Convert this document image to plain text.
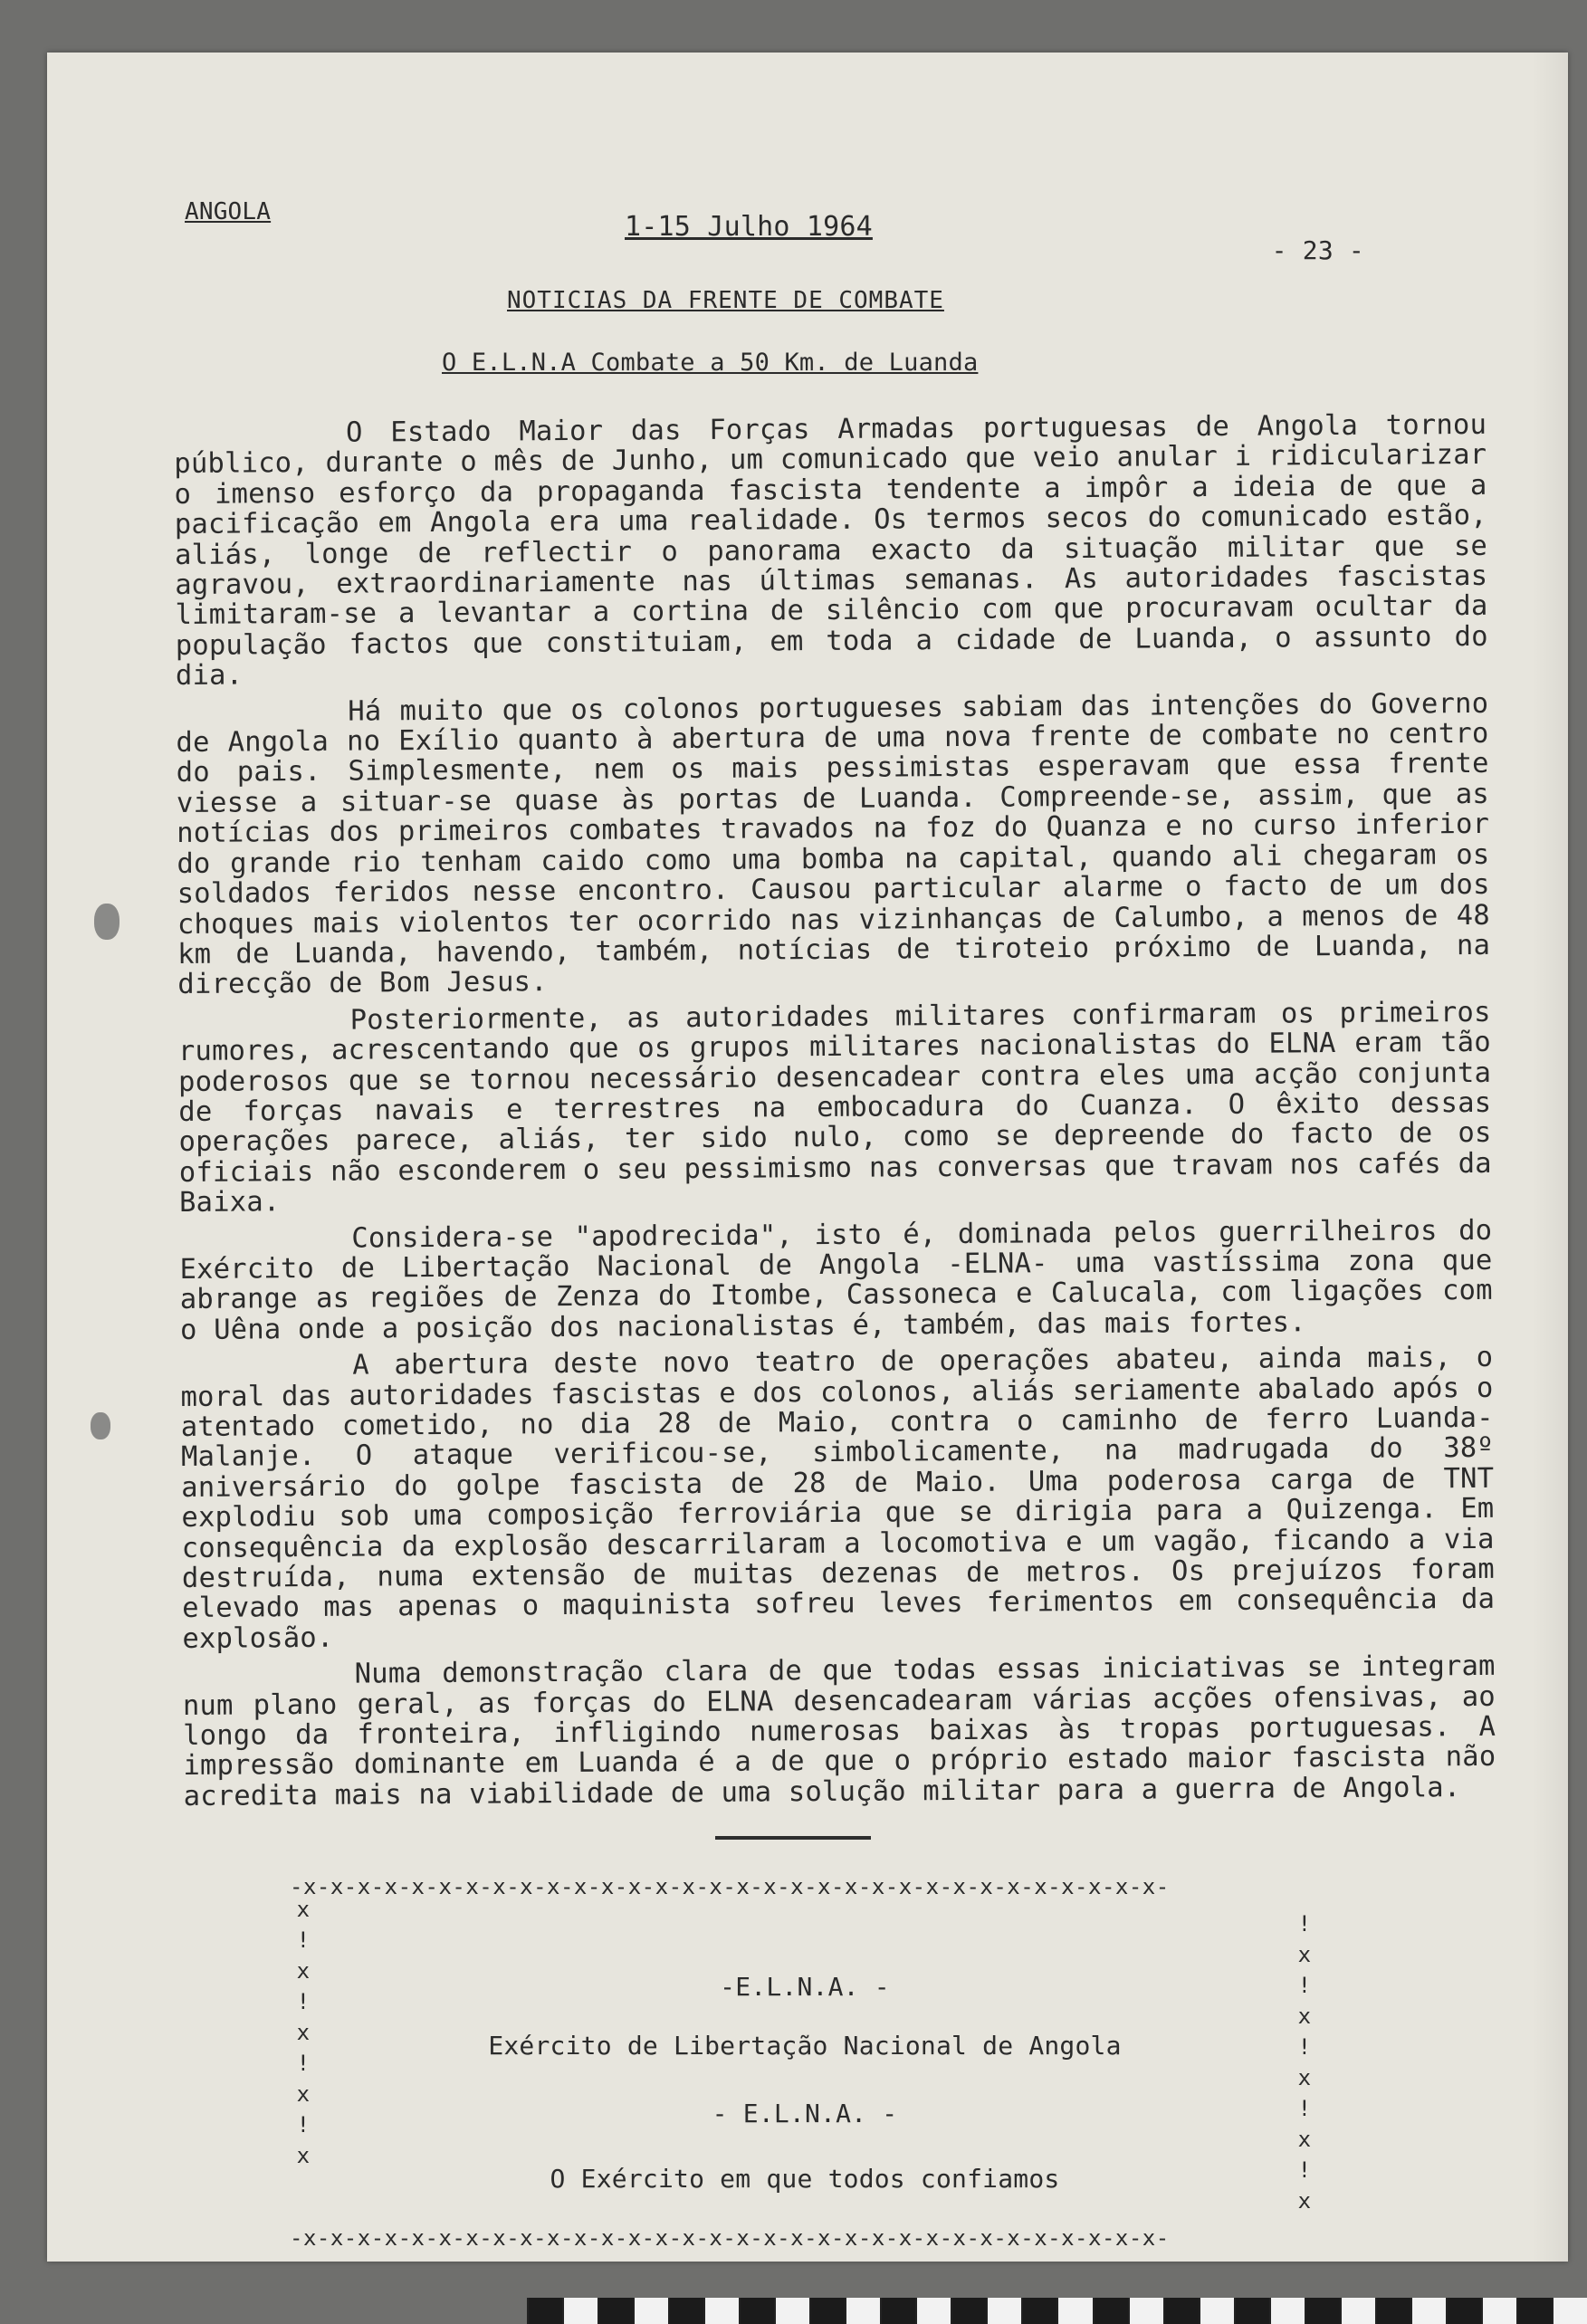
ANGOLA	1-15 Julho 1964
- 23 -
NOTICIAS DA FRENTE DE COMBATE
O E.L.N.A Combate a 50 Km. de Luanda

O Estado Maior das Forças Armadas portuguesas de Angola tornou público, durante o mês de Junho, um comunicado que veio anular i ridicularizar o imenso esforço da propaganda fascista tendente a impôr a ideia de que a pacificação em Angola era uma realidade. Os termos secos do comunicado estão, aliás, longe de reflectir o panorama exacto da situação militar que se agravou, extraordinariamente nas últimas semanas. As autoridades fascistas limitaram-se a levantar a cortina de silêncio com que procuravam ocultar da população factos que constituiam, em toda a cidade de Luanda, o assunto do dia.

Há muito que os colonos portugueses sabiam das intenções do Governo de Angola no Exílio quanto à abertura de uma nova frente de combate no centro do pais. Simplesmente, nem os mais pessimistas esperavam que essa frente viesse a situar-se quase às portas de Luanda. Compreende-se, assim, que as notícias dos primeiros combates travados na foz do Quanza e no curso inferior do grande rio tenham caido como uma bomba na capital, quando ali chegaram os soldados feridos nesse encontro. Causou particular alarme o facto de um dos choques mais violentos ter ocorrido nas vizinhanças de Calumbo, a menos de 48 km de Luanda, havendo, também, notícias de tiroteio próximo de Luanda, na direcção de Bom Jesus.

Posteriormente, as autoridades militares confirmaram os primeiros rumores, acrescentando que os grupos militares nacionalistas do ELNA eram tão poderosos que se tornou necessário desencadear contra eles uma acção conjunta de forças navais e terrestres na embocadura do Cuanza. O êxito dessas operações parece, aliás, ter sido nulo, como se depreende do facto de os oficiais não esconderem o seu pessimismo nas conversas que travam nos cafés da Baixa.

Considera-se "apodrecida", isto é, dominada pelos guerrilheiros do Exército de Libertação Nacional de Angola -ELNA- uma vastíssima zona que abrange as regiões de Zenza do Itombe, Cassoneca e Calucala, com ligações com o Uêna onde a posição dos nacionalistas é, também, das mais fortes.

A abertura deste novo teatro de operações abateu, ainda mais, o moral das autoridades fascistas e dos colonos, aliás seriamente abalado após o atentado cometido, no dia 28 de Maio, contra o caminho de ferro Luanda-Malanje. O ataque verificou-se, simbolicamente, na madrugada do 38º aniversário do golpe fascista de 28 de Maio. Uma poderosa carga de TNT explodiu sob uma composição ferroviária que se dirigia para a Quizenga. Em consequência da explosão descarrilaram a locomotiva e um vagão, ficando a via destruída, numa extensão de muitas dezenas de metros. Os prejuízos foram elevado mas apenas o maquinista sofreu leves ferimentos em consequência da explosão.

Numa demonstração clara de que todas essas iniciativas se integram num plano geral, as forças do ELNA desencadearam várias acções ofensivas, ao longo da fronteira, infligindo numerosas baixas às tropas portuguesas. A impressão dominante em Luanda é a de que o próprio estado maior fascista não acredita mais na viabilidade de uma solução militar para a guerra de Angola.

-x-x-x-x-x-x-x-x-x-x-x-x-x-x-x-x-x-x-x-x-x-x-x-x-x-x-x-x-x-x-x-x-
x ! x ! x ! x ! x
! x ! x ! x ! x ! x
-E.L.N.A. -
Exército de Libertação Nacional de Angola
- E.L.N.A. -
O Exército em que todos confiamos
-x-x-x-x-x-x-x-x-x-x-x-x-x-x-x-x-x-x-x-x-x-x-x-x-x-x-x-x-x-x-x-x-
